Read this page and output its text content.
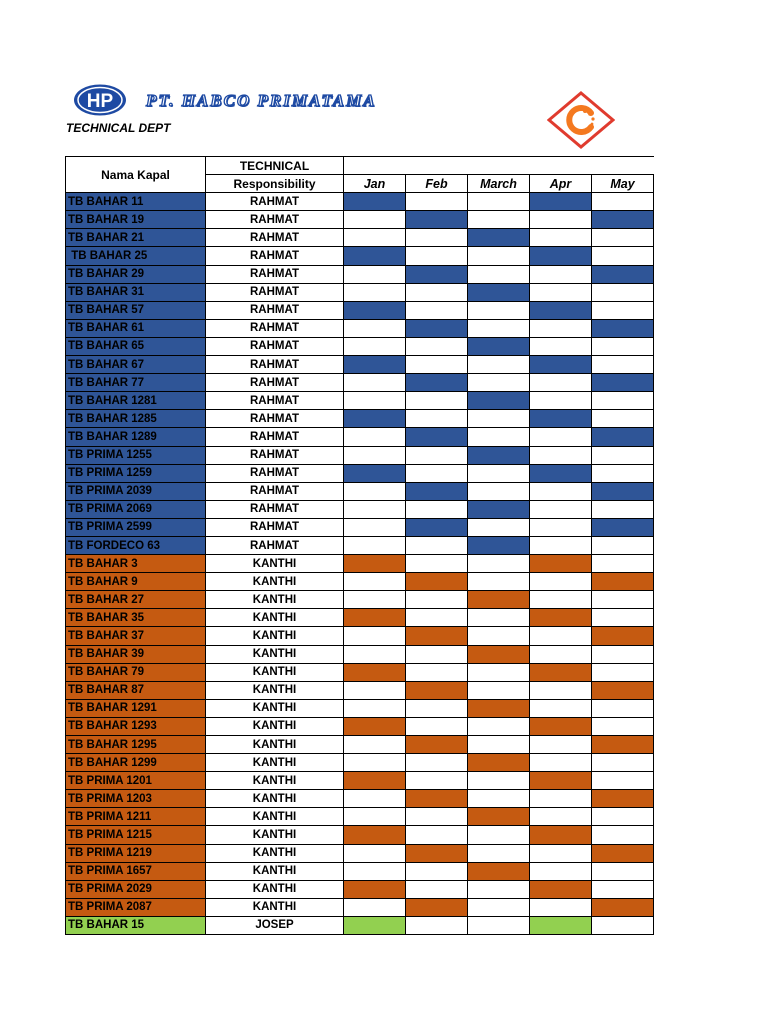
HP PT. HABCO PRIMATAMA
TECHNICAL DEPT
Nama Kapal	TECHNICAL					
	Responsibility	Jan	Feb	March	Apr	May
TB BAHAR 11	RAHMAT					
TB BAHAR 19	RAHMAT					
TB BAHAR 21	RAHMAT					
TB BAHAR 25	RAHMAT					
TB BAHAR 29	RAHMAT					
TB BAHAR 31	RAHMAT					
TB BAHAR 57	RAHMAT					
TB BAHAR 61	RAHMAT					
TB BAHAR 65	RAHMAT					
TB BAHAR 67	RAHMAT					
TB BAHAR 77	RAHMAT					
TB BAHAR 1281	RAHMAT					
TB BAHAR 1285	RAHMAT					
TB BAHAR 1289	RAHMAT					
TB PRIMA 1255	RAHMAT					
TB PRIMA 1259	RAHMAT					
TB PRIMA 2039	RAHMAT					
TB PRIMA 2069	RAHMAT					
TB PRIMA 2599	RAHMAT					
TB FORDECO 63	RAHMAT					
TB BAHAR 3	KANTHI					
TB BAHAR 9	KANTHI					
TB BAHAR 27	KANTHI					
TB BAHAR 35	KANTHI					
TB BAHAR 37	KANTHI					
TB BAHAR 39	KANTHI					
TB BAHAR 79	KANTHI					
TB BAHAR 87	KANTHI					
TB BAHAR 1291	KANTHI					
TB BAHAR 1293	KANTHI					
TB BAHAR 1295	KANTHI					
TB BAHAR 1299	KANTHI					
TB PRIMA 1201	KANTHI					
TB PRIMA 1203	KANTHI					
TB PRIMA 1211	KANTHI					
TB PRIMA 1215	KANTHI					
TB PRIMA 1219	KANTHI					
TB PRIMA 1657	KANTHI					
TB PRIMA 2029	KANTHI					
TB PRIMA 2087	KANTHI					
TB BAHAR 15	JOSEP					
